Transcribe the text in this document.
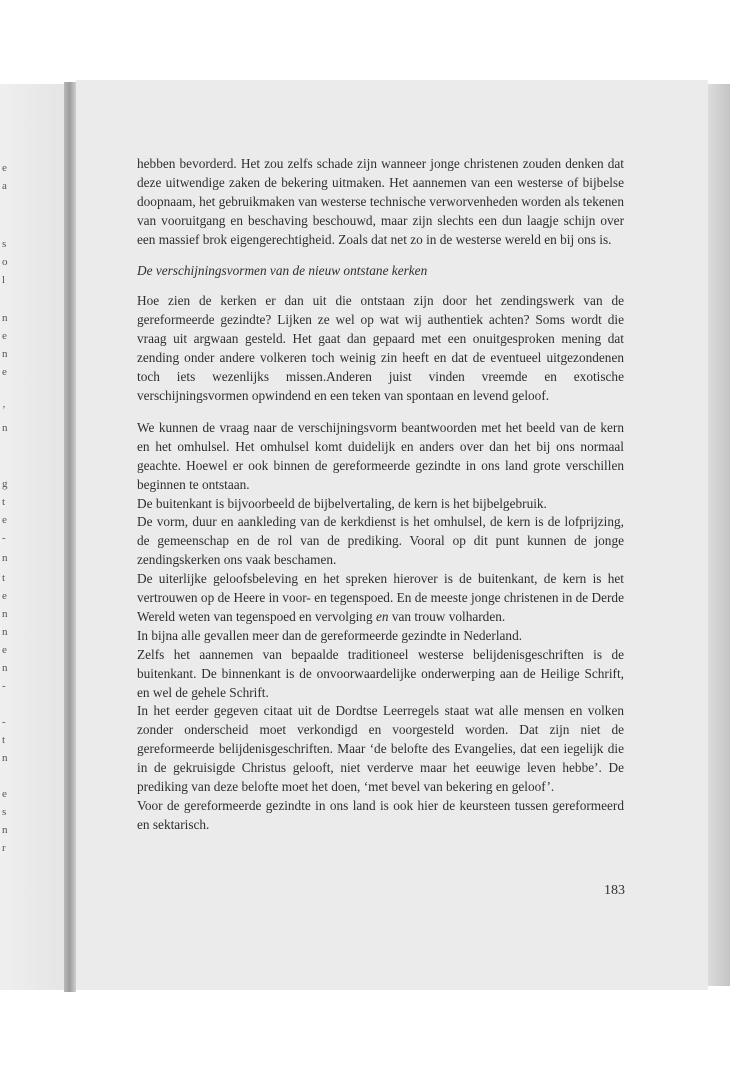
e
a
s
o
l
n
e
n
e
’
n
g
t
e
-
n
t
e
n
n
e
n
-
-
t
n
e
s
n
r

hebben bevorderd. Het zou zelfs schade zijn wanneer jonge christenen zouden denken dat deze uitwendige zaken de bekering uitmaken. Het aannemen van een westerse of bijbelse doopnaam, het gebruikmaken van westerse technische verworvenheden worden als tekenen van vooruitgang en beschaving beschouwd, maar zijn slechts een dun laagje schijn over een massief brok eigengerechtigheid. Zoals dat net zo in de westerse wereld en bij ons is.

De verschijningsvormen van de nieuw ontstane kerken

Hoe zien de kerken er dan uit die ontstaan zijn door het zendingswerk van de gereformeerde gezindte? Lijken ze wel op wat wij authentiek achten? Soms wordt die vraag uit argwaan gesteld. Het gaat dan gepaard met een onuitgesproken mening dat zending onder andere volkeren toch weinig zin heeft en dat de eventueel uitgezondenen toch iets wezenlijks missen.Anderen juist vinden vreemde en exotische verschijningsvormen opwindend en een teken van spontaan en levend geloof.

We kunnen de vraag naar de verschijningsvorm beantwoorden met het beeld van de kern en het omhulsel. Het omhulsel komt duidelijk en anders over dan het bij ons normaal geachte. Hoewel er ook binnen de gereformeerde gezindte in ons land grote verschillen beginnen te ontstaan.

De buitenkant is bijvoorbeeld de bijbelvertaling, de kern is het bijbelgebruik.

De vorm, duur en aankleding van de kerkdienst is het omhulsel, de kern is de lofprijzing, de gemeenschap en de rol van de prediking. Vooral op dit punt kunnen de jonge zendingskerken ons vaak beschamen.

De uiterlijke geloofsbeleving en het spreken hierover is de buitenkant, de kern is het vertrouwen op de Heere in voor- en tegenspoed. En de meeste jonge christenen in de Derde Wereld weten van tegenspoed en vervolging en van trouw volharden.

In bijna alle gevallen meer dan de gereformeerde gezindte in Nederland.

Zelfs het aannemen van bepaalde traditioneel westerse belijdenisgeschriften is de buitenkant. De binnenkant is de onvoorwaardelijke onderwerping aan de Heilige Schrift, en wel de gehele Schrift.

In het eerder gegeven citaat uit de Dordtse Leerregels staat wat alle mensen en volken zonder onderscheid moet verkondigd en voorgesteld worden. Dat zijn niet de gereformeerde belijdenisgeschriften. Maar ‘de belofte des Evangelies, dat een iegelijk die in de gekruisigde Christus gelooft, niet verderve maar het eeuwige leven hebbe’. De prediking van deze belofte moet het doen, ‘met bevel van bekering en geloof’.

Voor de gereformeerde gezindte in ons land is ook hier de keursteen tussen gereformeerd en sektarisch.

183
